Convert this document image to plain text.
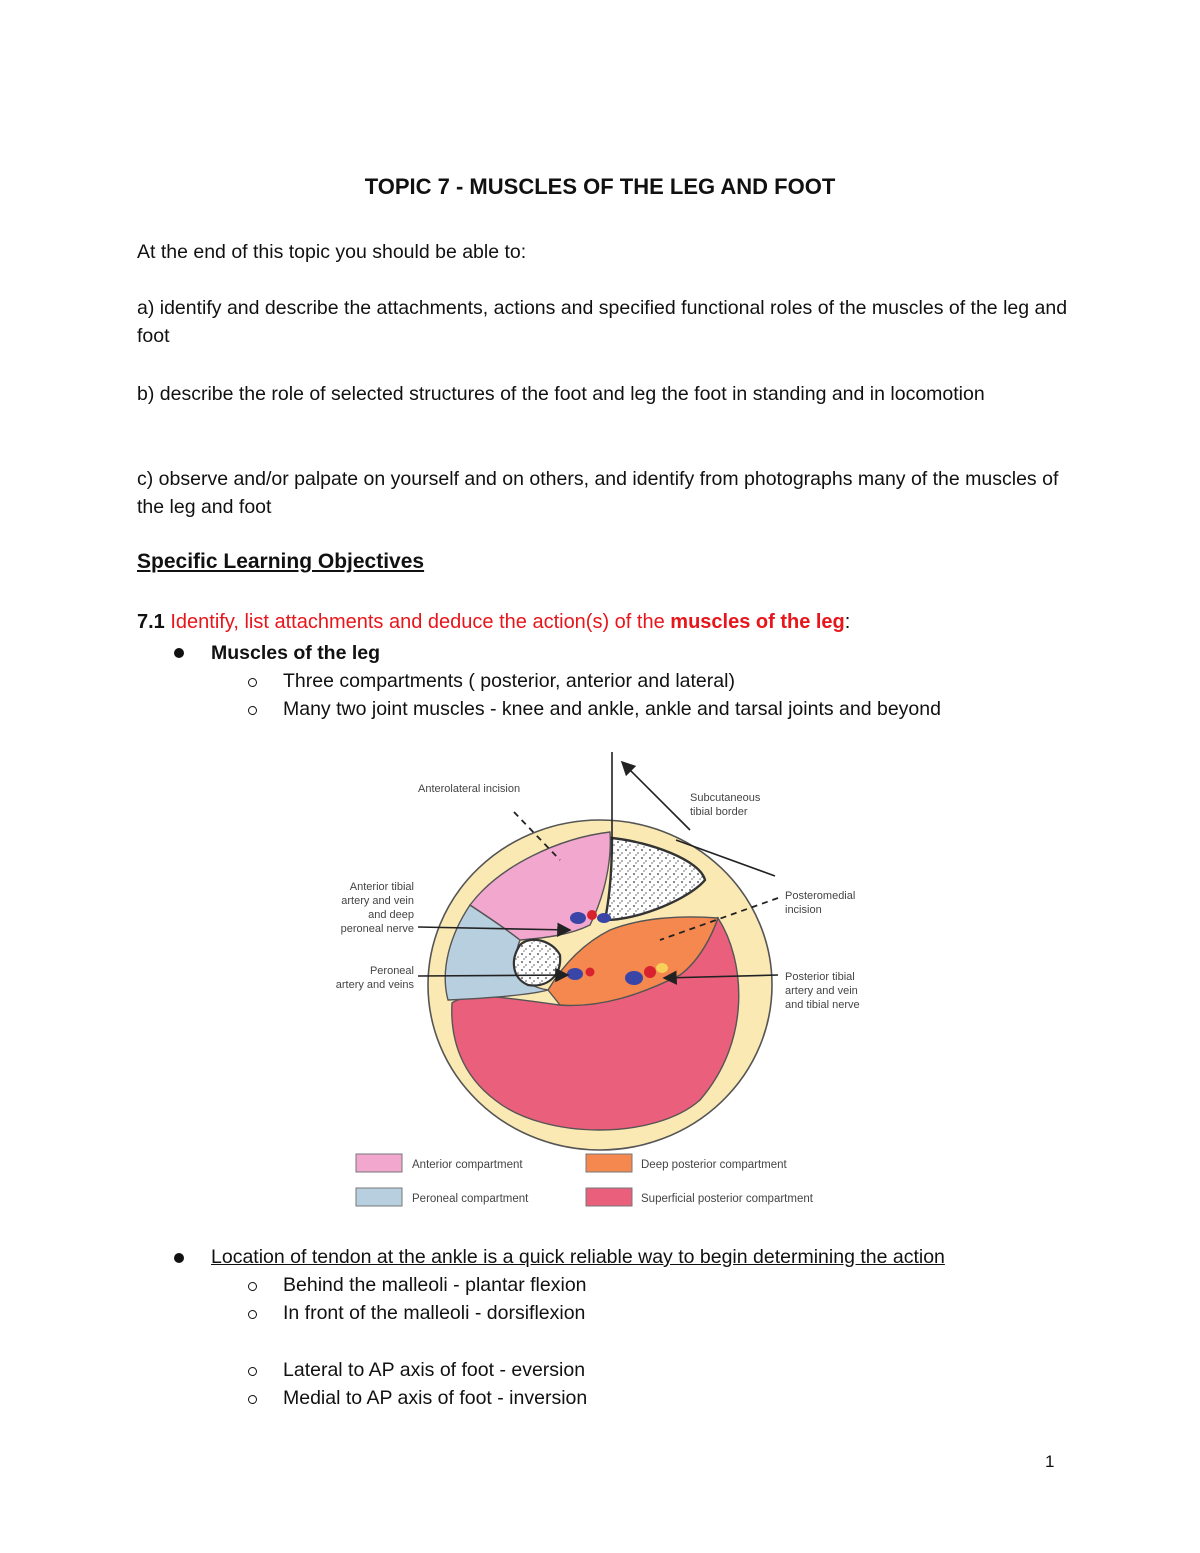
TOPIC 7 - MUSCLES OF THE LEG AND FOOT
At the end of this topic you should be able to:
a) identify and describe the attachments, actions and specified functional roles of the muscles of the leg and foot
b) describe the role of selected structures of the foot and leg the foot in standing and in locomotion
c) observe and/or palpate on yourself and on others, and identify from photographs many of the muscles of the leg and foot
Specific Learning Objectives
7.1 Identify, list attachments and deduce the action(s) of the muscles of the leg:
Muscles of the leg
Three compartments ( posterior, anterior and lateral)
Many two joint muscles - knee and ankle, ankle and tarsal joints and beyond
Anterolateral incision
Subcutaneous
tibial border
Anterior tibial
artery and vein
and deep
peroneal nerve
Posteromedial
incision
Peroneal
artery and veins
Posterior tibial
artery and vein
and tibial nerve
Anterior compartment	Deep posterior compartment
Peroneal compartment	Superficial posterior compartment
Location of tendon at the ankle is a quick reliable way to begin determining the action
Behind the malleoli - plantar flexion
In front of the malleoli - dorsiflexion
Lateral to AP axis of foot - eversion
Medial to AP axis of foot - inversion
1
